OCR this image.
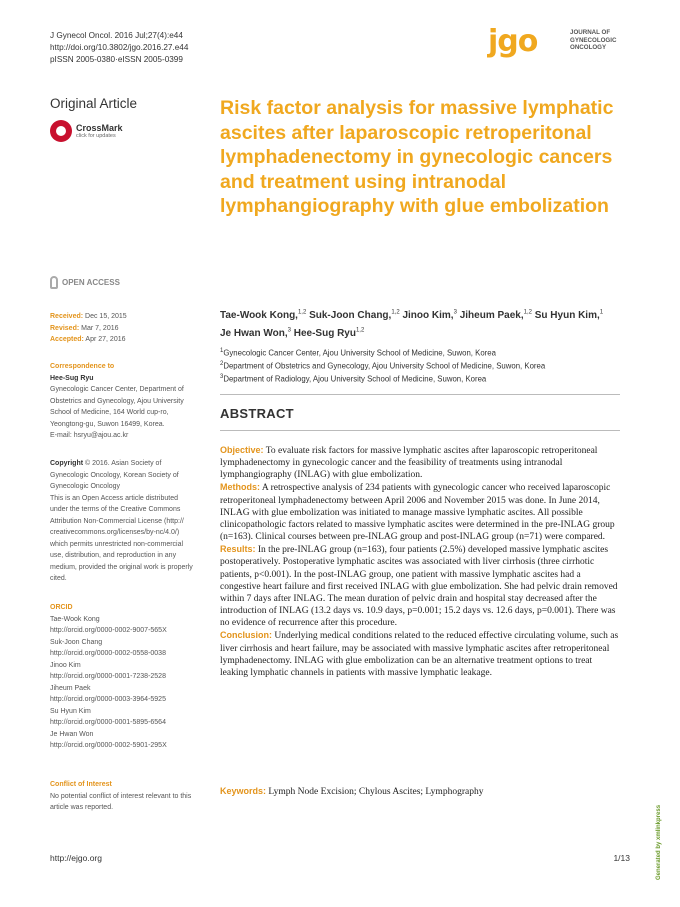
J Gynecol Oncol. 2016 Jul;27(4):e44
http://doi.org/10.3802/jgo.2016.27.e44
pISSN 2005-0380·eISSN 2005-0399
jgo	JOURNAL OF
GYNECOLOGIC
ONCOLOGY
Original Article
CrossMark
click for updates
Risk factor analysis for massive lymphatic ascites after laparoscopic retroperitonal lymphadenectomy in gynecologic cancers and treatment using intranodal lymphangiography with glue embolization
OPEN ACCESS
Received: Dec 15, 2015
Revised: Mar 7, 2016
Accepted: Apr 27, 2016
Correspondence to
Hee-Sug Ryu
Gynecologic Cancer Center, Department of
Obstetrics and Gynecology, Ajou University
School of Medicine, 164 World cup-ro,
Yeongtong-gu, Suwon 16499, Korea.
E-mail: hsryu@ajou.ac.kr
Copyright © 2016. Asian Society of
Gynecologic Oncology, Korean Society of
Gynecologic Oncology
This is an Open Access article distributed
under the terms of the Creative Commons
Attribution Non-Commercial License (http://
creativecommons.org/licenses/by-nc/4.0/)
which permits unrestricted non-commercial
use, distribution, and reproduction in any
medium, provided the original work is properly
cited.
ORCID
Tae-Wook Kong
http://orcid.org/0000-0002-9007-565X
Suk-Joon Chang
http://orcid.org/0000-0002-0558-0038
Jinoo Kim
http://orcid.org/0000-0001-7238-2528
Jiheum Paek
http://orcid.org/0000-0003-3964-5925
Su Hyun Kim
http://orcid.org/0000-0001-5895-6564
Je Hwan Won
http://orcid.org/0000-0002-5901-295X
Conflict of Interest
No potential conflict of interest relevant to this
article was reported.
Tae-Wook Kong,$^{1,2}$ Suk-Joon Chang,$^{1,2}$ Jinoo Kim,$^3$ Jiheum Paek,$^{1,2}$ Su Hyun Kim,$^1$
Je Hwan Won,$^3$ Hee-Sug Ryu$^{1,2}$
$^1$Gynecologic Cancer Center, Ajou University School of Medicine, Suwon, Korea
$^2$Department of Obstetrics and Gynecology, Ajou University School of Medicine, Suwon, Korea
$^3$Department of Radiology, Ajou University School of Medicine, Suwon, Korea
ABSTRACT

Objective: To evaluate risk factors for massive lymphatic ascites after laparoscopic retroperitoneal lymphadenectomy in gynecologic cancer and the feasibility of treatments using intranodal lymphangiography (INLAG) with glue embolization.

Methods: A retrospective analysis of 234 patients with gynecologic cancer who received laparoscopic retroperitoneal lymphadenectomy between April 2006 and November 2015 was done. In June 2014, INLAG with glue embolization was initiated to manage massive lymphatic ascites. All possible clinicopathologic factors related to massive lymphatic ascites were determined in the pre-INLAG group (n=163). Clinical courses between pre-INLAG group and post-INLAG group (n=71) were compared.

Results: In the pre-INLAG group (n=163), four patients (2.5%) developed massive lymphatic ascites postoperatively. Postoperative lymphatic ascites was associated with liver cirrhosis (three cirrhotic patients, p<0.001). In the post-INLAG group, one patient with massive lymphatic ascites had a congestive heart failure and first received INLAG with glue embolization. She had pelvic drain removed within 7 days after INLAG. The mean duration of pelvic drain and hospital stay decreased after the introduction of INLAG (13.2 days vs. 10.9 days, p=0.001; 15.2 days vs. 12.6 days, p=0.001). There was no evidence of recurrence after this procedure.

Conclusion: Underlying medical conditions related to the reduced effective circulating volume, such as liver cirrhosis and heart failure, may be associated with massive lymphatic ascites after retroperitoneal lymphadenectomy. INLAG with glue embolization can be an alternative treatment options to treat leaking lymphatic channels in patients with massive lymphatic leakage.

Keywords: Lymph Node Excision; Chylous Ascites; Lymphography
http://ejgo.org	1/13	Generated by xmlinkpress
